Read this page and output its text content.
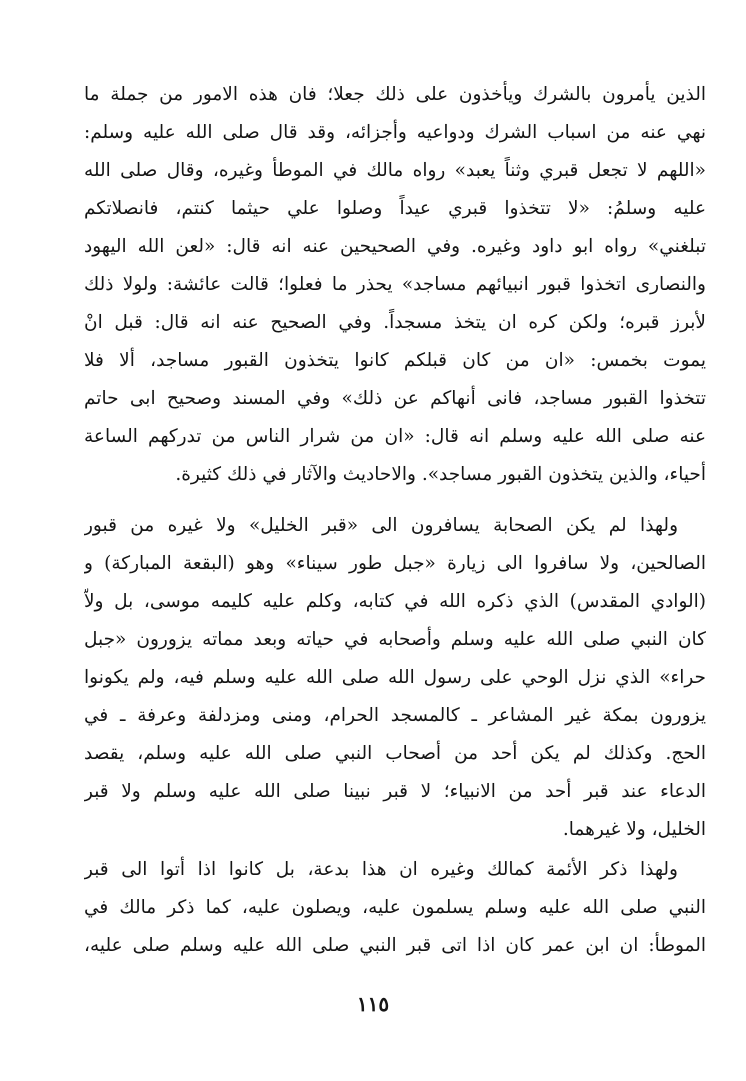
الذين يأمرون بالشرك ويأخذون على ذلك جعلا؛ فان هذه الامور من جملة ما
نهي عنه من اسباب الشرك ودواعيه وأجزائه، وقد قال صلى الله عليه وسلم:
«اللهم لا تجعل قبري وثناً يعبد» رواه مالك في الموطأ وغيره، وقال صلى الله
عليه وسلمُ: «لا تتخذوا قبري عيداً وصلوا علي حيثما كنتم، فانصلاتكم
تبلغني» رواه ابو داود وغيره. وفي الصحيحين عنه انه قال: «لعن الله اليهود
والنصارى اتخذوا قبور انبيائهم مساجد» يحذر ما فعلوا؛ قالت عائشة: ولولا ذلك
لأبرز قبره؛ ولكن كره ان يتخذ مسجداً. وفي الصحيح عنه انه قال: قبل انْ
يموت بخمس: «ان من كان قبلكم كانوا يتخذون القبور مساجد، ألا فلا
تتخذوا القبور مساجد، فانى أنهاكم عن ذلك» وفي المسند وصحيح ابى حاتم
عنه صلى الله عليه وسلم انه قال: «ان من شرار الناس من تدركهم الساعة
أحياء، والذين يتخذون القبور مساجد». والاحاديث والآثار في ذلك كثيرة.
ولهذا لم يكن الصحابة يسافرون الى «قبر الخليل» ولا غيره من قبور
الصالحين، ولا سافروا الى زيارة «جبل طور سيناء» وهو (البقعة المباركة) و
(الوادي المقدس) الذي ذكره الله في كتابه، وكلم عليه كليمه موسى، بل ولاّ
كان النبي صلى الله عليه وسلم وأصحابه في حياته وبعد مماته يزورون «جبل
حراء» الذي نزل الوحي على رسول الله صلى الله عليه وسلم فيه، ولم يكونوا
يزورون بمكة غير المشاعر ـ كالمسجد الحرام، ومنى ومزدلفة وعرفة ـ في
الحج. وكذلك لم يكن أحد من أصحاب النبي صلى الله عليه وسلم، يقصد
الدعاء عند قبر أحد من الانبياء؛ لا قبر نبينا صلى الله عليه وسلم ولا قبر
الخليل، ولا غيرهما.
ولهذا ذكر الأئمة كمالك وغيره ان هذا بدعة، بل كانوا اذا أتوا الى قبر
النبي صلى الله عليه وسلم يسلمون عليه، ويصلون عليه، كما ذكر مالك في
الموطأ: ان ابن عمر كان اذا اتى قبر النبي صلى الله عليه وسلم صلى عليه،
١١٥
